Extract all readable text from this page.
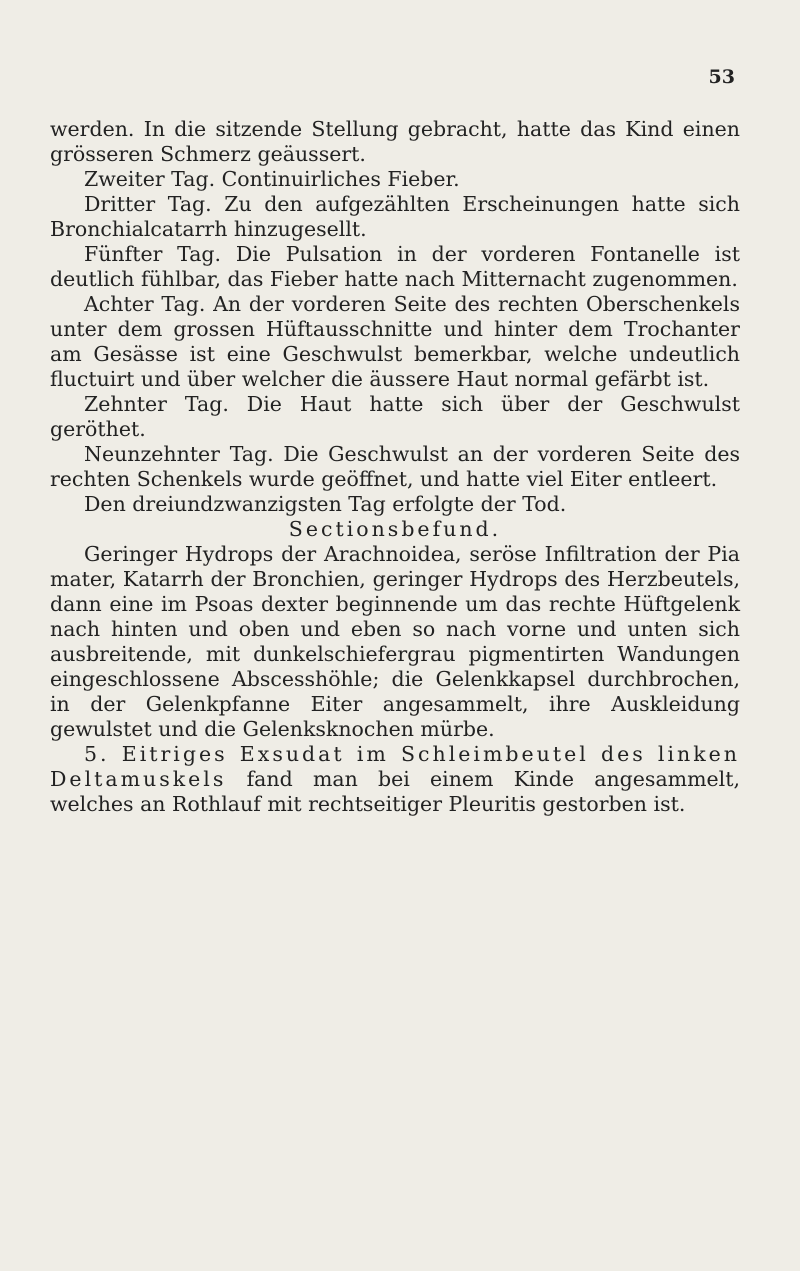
53

werden. In die sitzende Stellung gebracht, hatte das Kind einen grösseren Schmerz geäussert.

Zweiter Tag. Continuirliches Fieber.

Dritter Tag. Zu den aufgezählten Erscheinungen hatte sich Bronchialcatarrh hinzugesellt.

Fünfter Tag. Die Pulsation in der vorderen Fontanelle ist deutlich fühlbar, das Fieber hatte nach Mitternacht zugenommen.

Achter Tag. An der vorderen Seite des rechten Oberschenkels unter dem grossen Hüftausschnitte und hinter dem Trochanter am Gesässe ist eine Geschwulst bemerkbar, welche undeutlich fluctuirt und über welcher die äussere Haut normal gefärbt ist.

Zehnter Tag. Die Haut hatte sich über der Geschwulst geröthet.

Neunzehnter Tag. Die Geschwulst an der vorderen Seite des rechten Schenkels wurde geöffnet, und hatte viel Eiter entleert.

Den dreiundzwanzigsten Tag erfolgte der Tod.

Sectionsbefund.

Geringer Hydrops der Arachnoidea, seröse Infiltration der Pia mater, Katarrh der Bronchien, geringer Hydrops des Herzbeutels, dann eine im Psoas dexter beginnende um das rechte Hüftgelenk nach hinten und oben und eben so nach vorne und unten sich ausbreitende, mit dunkelschiefergrau pigmentirten Wandungen eingeschlossene Abscesshöhle; die Gelenkkapsel durchbrochen, in der Gelenkpfanne Eiter angesammelt, ihre Auskleidung gewulstet und die Gelenksknochen mürbe.

5. Eitriges Exsudat im Schleimbeutel des linken Deltamuskels fand man bei einem Kinde angesammelt, welches an Rothlauf mit rechtseitiger Pleuritis gestorben ist.
